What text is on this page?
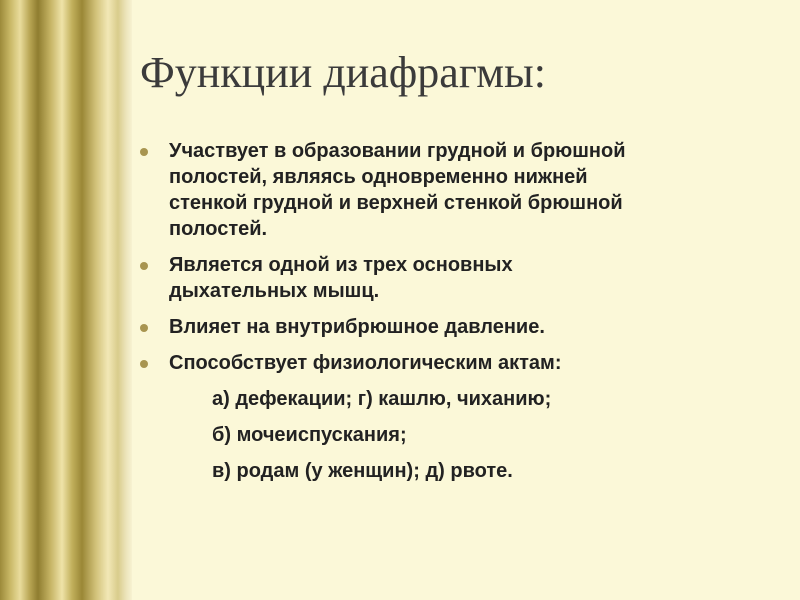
Функции диафрагмы:
Участвует в образовании грудной и брюшной
полостей, являясь одновременно нижней
стенкой грудной и верхней стенкой брюшной
полостей.
Является одной из трех основных
дыхательных мышц.
Влияет на внутрибрюшное давление.
Способствует физиологическим актам:
а) дефекации; г) кашлю, чиханию;
б) мочеиспускания;
в) родам (у женщин); д) рвоте.
